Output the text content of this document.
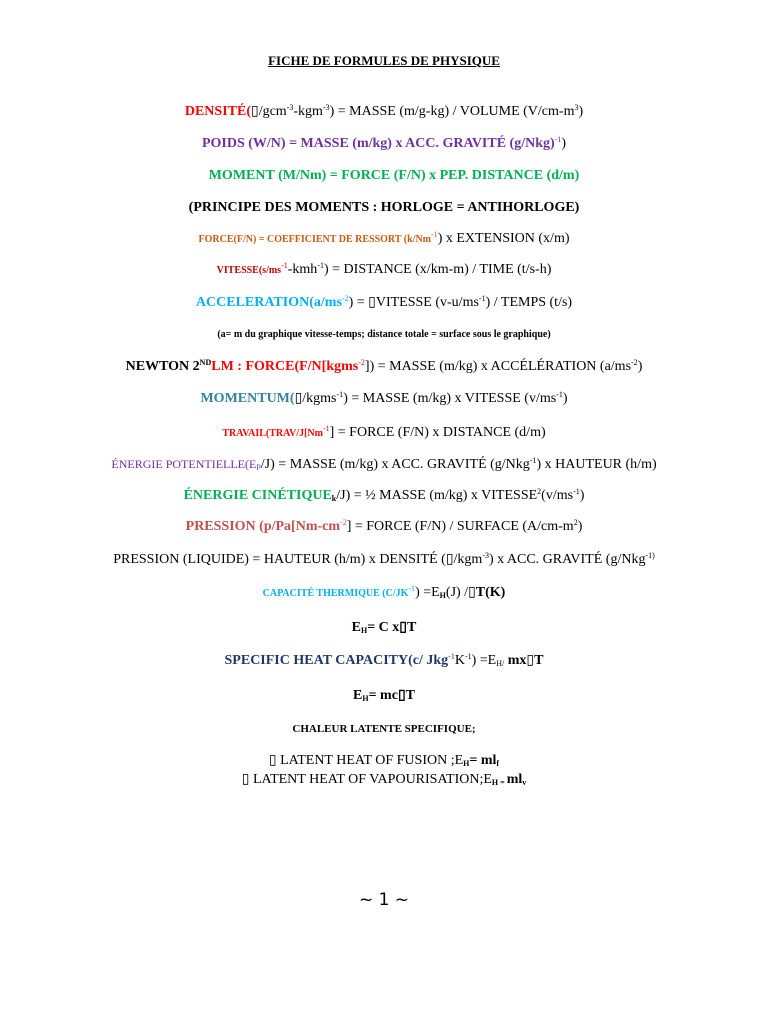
FICHE DE FORMULES DE PHYSIQUE
DENSITÉ(▯/gcm$^{-3}$-kgm$^{-3}$) = MASSE (m/g-kg) / VOLUME $(V/cm-m^3)$
POIDS (W/N) = MASSE (m/kg) x ACC. GRAVITÉ $(g/Nkg)^{-1}$)
MOMENT (M/Nm) = FORCE (F/N) x PEP. DISTANCE (d/m)
(PRINCIPE DES MOMENTS : HORLOGE = ANTIHORLOGE)
FORCE(F/N) = COEFFICIENT DE RESSORT $(k/Nm^{-1})$ x EXTENSION (x/m)
$VITESSE(s/ms^{-1}-kmh^{-1})$ = DISTANCE (x/km-m) / TIME (t/s-h)
$ACCELERATION(a/ms^{-2})$ = ▯VITESSE $(v-u/ms^{-1})$ / TEMPS (t/s)
(a= m du graphique vitesse-temps; distance totale = surface sous le graphique)
NEWTON 2NDLM : FORCE(F/N[kgms$^{-2}$]) = MASSE (m/kg) x ACCÉLÉRATION $(a/ms^{-2})$
MOMENTUM(▯/kgms$^{-1}$) = MASSE (m/kg) x VITESSE $(v/ms^{-1})$
$TRAVAIL(TRAV/J[Nm^{-1}]$ = FORCE (F/N) x DISTANCE (d/m)
ÉNERGIE $POTENTIELLE(E_P/J)$ = MASSE (m/kg) x ACC. GRAVITÉ (g/Nkg$^{-1}$) x HAUTEUR (h/m)
ÉNERGIE $CINÉTIQUE_k/J$) = ½ MASSE (m/kg) x $VITESSE^2(v/ms^{-1})$
PRESSION ($p/Pa[Nm-cm^{-2}]$ = FORCE (F/N) / SURFACE $(A/cm-m^2)$
PRESSION (LIQUIDE) = HAUTEUR (h/m) x DENSITÉ (▯/kgm$^{-3}$) x ACC. GRAVITÉ (g/Nkg$^{-1)}$
CAPACITÉ THERMIQUE $(C/JK^{-1}) =E_H(J)$ /▯T(K)
$E_H= C$ x▯T
SPECIFIC HEAT CAPACITY(c/ $Jkg^{-1}K^{-1}) =E_{H/}$ mx▯T
$E_H=$ mc▯T
CHALEUR LATENTE SPECIFIQUE;
▯ LATENT HEAT OF FUSION $;E_H= ml_f$
▯ LATENT HEAT OF $VAPOURISATION;E_{H =}$ $ml_v$
~ 1 ~
